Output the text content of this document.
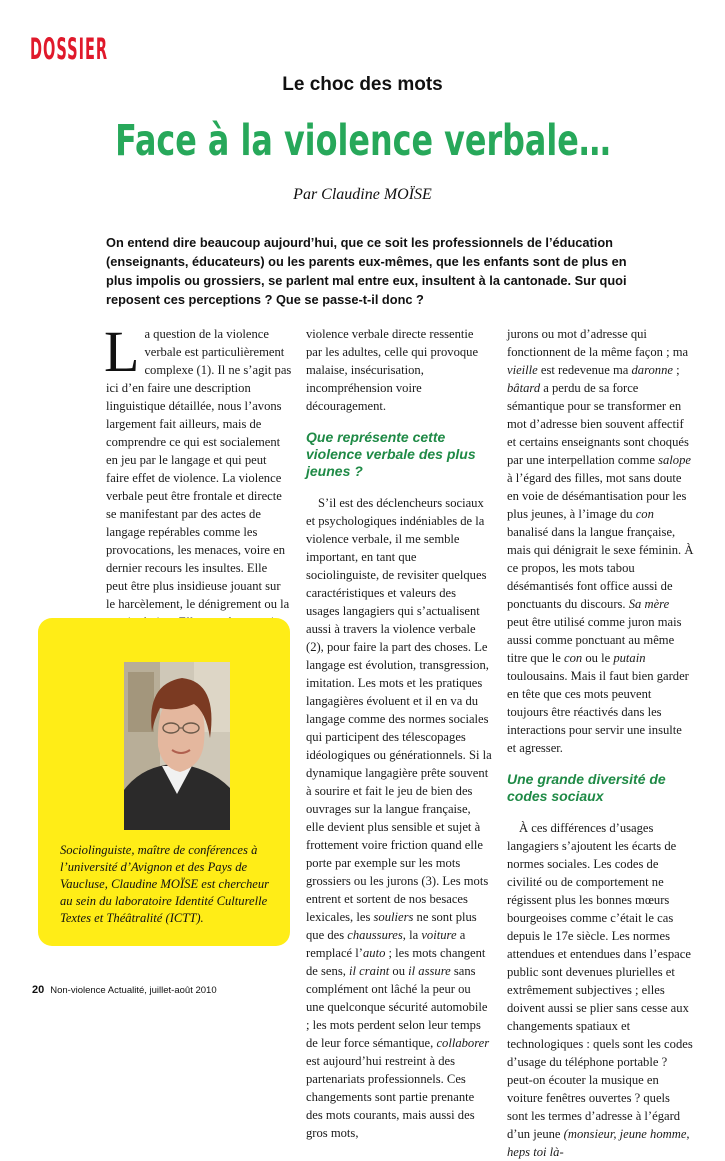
DOSSIER
Le choc des mots
Face à la violence verbale…

Par Claudine MOÏSE

On entend dire beaucoup aujourd’hui, que ce soit les professionnels de l’éducation (enseignants, éducateurs) ou les parents eux-mêmes, que les enfants sont de plus en plus impolis ou grossiers, se parlent mal entre eux, insultent à la cantonade. Sur quoi reposent ces perceptions ? Que se passe-t-il donc ?

La question de la violence verbale est particulièrement complexe (1). Il ne s’agit pas ici d’en faire une description linguistique détaillée, nous l’avons largement fait ailleurs, mais de comprendre ce qui est socialement en jeu par le langage et qui peut faire effet de violence. La violence verbale peut être frontale et directe se manifestant par des actes de langage repérables comme les provocations, les menaces, voire en dernier recours les insultes. Elle peut être plus insidieuse jouant sur le harcèlement, le dénigrement ou la

violence verbale directe ressentie par les adultes, celle qui provoque malaise, insécurisation, incompréhension voire découragement.

Que représente cette violence verbale des plus jeunes ?

S’il est des déclencheurs sociaux et psychologiques indéniables de la violence verbale, il me semble important, en tant que sociolinguiste, de revisiter quelques caractéristiques et valeurs des usages langagiers qui s’actualisent aussi à travers la violence verbale (2), pour faire la part des choses. Le langage est évolution, transgression, imitation. Les mots et les pratiques langagières évoluent et il en va du langage comme des normes sociales qui participent des télescopages idéologiques ou générationnels. Si la dynamique langagière prête souvent à sourire et fait le jeu de bien des ouvrages sur la langue française, elle devient plus sensible et sujet à frottement voire friction quand elle porte par exemple sur les mots grossiers ou les jurons (3). Les mots entrent et sortent de nos besaces lexicales, les souliers ne sont plus que des chaussures, la voiture a remplacé l’auto ; les mots changent de sens, il craint ou il assure sans complément ont lâché la peur ou une quelconque sécurité automobile ; les mots perdent selon leur temps de leur force sémantique, collaborer est aujourd’hui restreint à des partenariats professionnels. Ces changements sont partie prenante des mots courants, mais aussi des gros mots,

jurons ou mot d’adresse qui fonctionnent de la même façon ; ma vieille est redevenue ma daronne ; bâtard a perdu de sa force sémantique pour se transformer en mot d’adresse bien souvent affectif et certains enseignants sont choqués par une interpellation comme salope à l’égard des filles, mot sans doute en voie de désémantisation pour les plus jeunes, à l’image du con banalisé dans la langue française, mais qui dénigrait le sexe féminin. À ce propos, les mots tabou désémantisés font office aussi de ponctuants du discours. Sa mère peut être utilisé comme juron mais aussi comme ponctuant au même titre que le con ou le putain toulousains. Mais il faut bien garder en tête que ces mots peuvent toujours être réactivés dans les interactions pour servir une insulte et agresser.

Une grande diversité de codes sociaux

À ces différences d’usages langagiers s’ajoutent les écarts de normes sociales. Les codes de civilité ou de comportement ne régissent plus les bonnes mœurs bourgeoises comme c’était le cas depuis le 17e siècle. Les normes attendues et entendues dans l’espace public sont devenues plurielles et extrêmement subjectives ; elles doivent aussi se plier sans cesse aux changements spatiaux et technologiques : quels sont les codes d’usage du téléphone portable ? peut-on écouter la musique en voiture fenêtres ouvertes ? quels sont les termes d’adresse à l’égard d’un jeune (monsieur, jeune homme, heps toi là-

Sociolinguiste, maître de conférences à l’université d’Avignon et des Pays de Vaucluse, Claudine MOÏSE est chercheur au sein du laboratoire Identité Culturelle Textes et Théâtralité (ICTT).

20 Non-violence Actualité, juillet-août 2010
